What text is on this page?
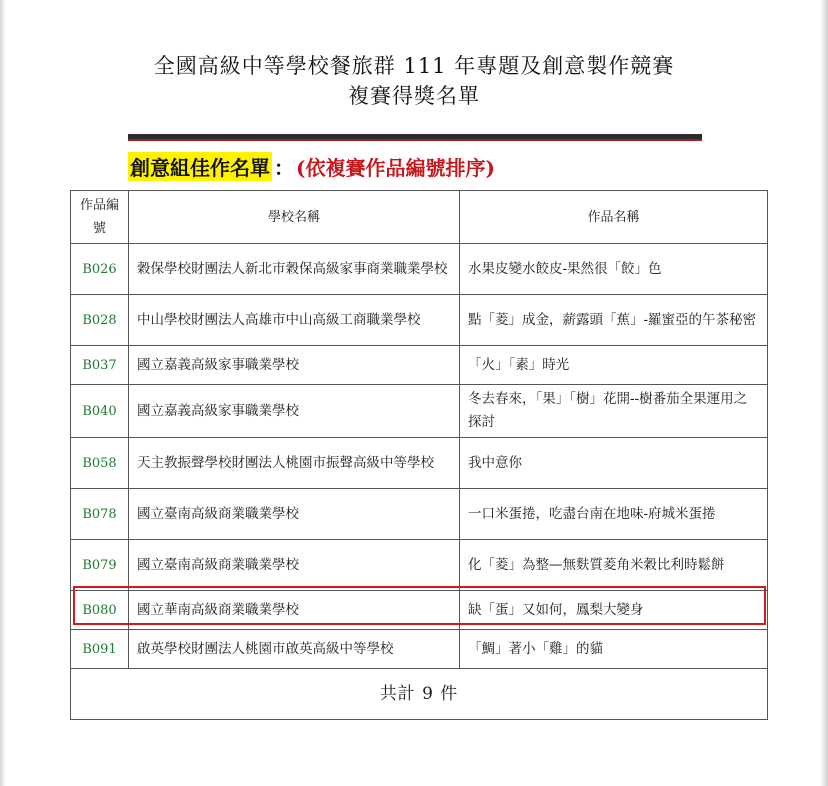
全國高級中等學校餐旅群 111 年專題及創意製作競賽
複賽得獎名單
創意組佳作名單 ： (依複賽作品編號排序)
作品編號	學校名稱	作品名稱
B026	穀保學校財團法人新北市穀保高級家事商業職業學校	水果皮變水餃皮-果然很「餃」色
B028	中山學校財團法人高雄市中山高級工商職業學校	點「菱」成金，薪露頭「蕉」-羅蜜亞的午茶秘密
B037	國立嘉義高級家事職業學校	「火」「素」時光
B040	國立嘉義高級家事職業學校	冬去春來，「果」「樹」花開--樹番茄全果運用之探討
B058	天主教振聲學校財團法人桃園市振聲高級中等學校	我中意你
B078	國立臺南高級商業職業學校	一口米蛋捲，吃盡台南在地味-府城米蛋捲
B079	國立臺南高級商業職業學校	化「菱」為整—無麩質菱角米穀比利時鬆餅
B080	國立華南高級商業職業學校	缺「蛋」又如何，鳳梨大變身
B091	啟英學校財團法人桃園市啟英高級中等學校	「鯛」著小「雞」的貓
共計 9 件		
